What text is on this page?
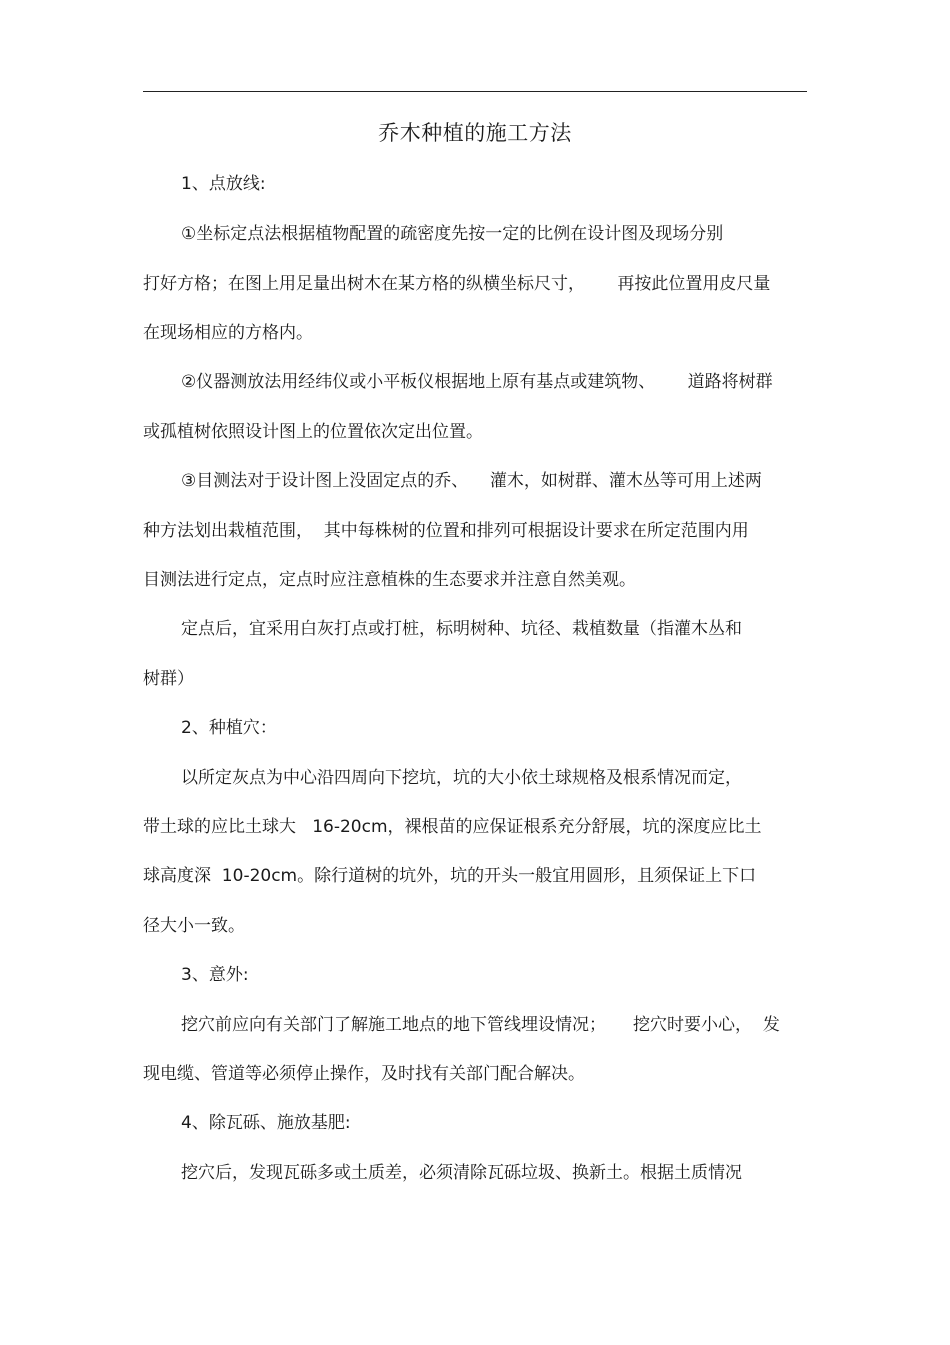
乔木种植的施工方法
1、点放线:
①坐标定点法根据植物配置的疏密度先按一定的比例在设计图及现场分别
打好方格；在图上用足量出树木在某方格的纵横坐标尺寸，      再按此位置用皮尺量
在现场相应的方格内。
②仪器测放法用经纬仪或小平板仪根据地上原有基点或建筑物、      道路将树群
或孤植树依照设计图上的位置依次定出位置。
③目测法对于设计图上没固定点的乔、    灌木，如树群、灌木丛等可用上述两
种方法划出栽植范围，  其中每株树的位置和排列可根据设计要求在所定范围内用
目测法进行定点，定点时应注意植株的生态要求并注意自然美观。
定点后，宜采用白灰打点或打桩，标明树种、坑径、栽植数量（指灌木丛和
树群）
2、种植穴：
以所定灰点为中心沿四周向下挖坑，坑的大小依土球规格及根系情况而定，
带土球的应比土球大   16-20cm，裸根苗的应保证根系充分舒展，坑的深度应比土
球高度深  10-20cm。除行道树的坑外，坑的开头一般宜用圆形，且须保证上下口
径大小一致。
3、意外:
挖穴前应向有关部门了解施工地点的地下管线埋设情况；     挖穴时要小心，  发
现电缆、管道等必须停止操作，及时找有关部门配合解决。
4、除瓦砾、施放基肥:
挖穴后，发现瓦砾多或土质差，必须清除瓦砾垃圾、换新土。根据土质情况
